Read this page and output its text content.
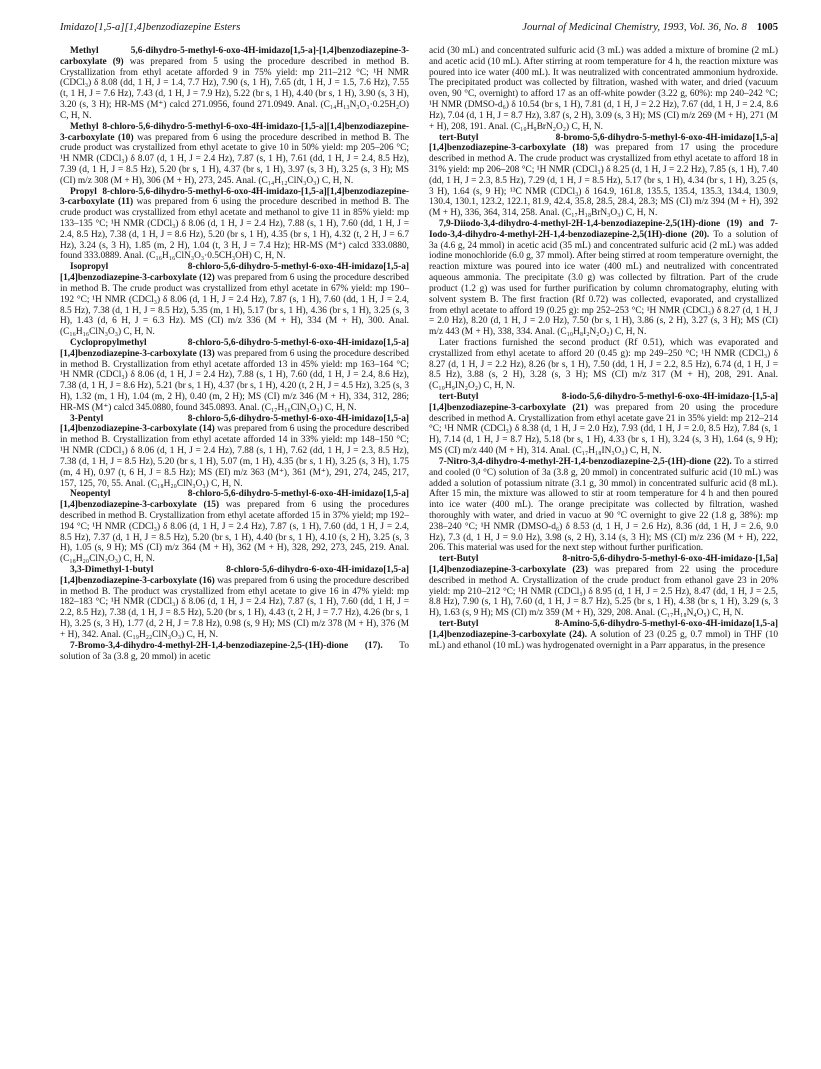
Imidazo[1,5-a][1,4]benzodiazepine Esters	Journal of Medicinal Chemistry, 1993, Vol. 36, No. 8 1005

Methyl 5,6-dihydro-5-methyl-6-oxo-4H-imidazo[1,5-a]-[1,4]benzodiazepine-3-carboxylate (9) was prepared from 5 using the procedure described in method B. Crystallization from ethyl acetate afforded 9 in 75% yield: mp 211–212 °C; ¹H NMR (CDCl₃) δ 8.08 (dd, 1 H, J = 1.4, 7.7 Hz), 7.90 (s, 1 H), 7.65 (dt, 1 H, J = 1.5, 7.6 Hz), 7.55 (t, 1 H, J = 7.6 Hz), 7.43 (d, 1 H, J = 7.9 Hz), 5.22 (br s, 1 H), 4.40 (br s, 1 H), 3.90 (s, 3 H), 3.20 (s, 3 H); HR-MS (M⁺) calcd 271.0956, found 271.0949. Anal. (C₁₄H₁₃N₃O₃·0.25H₂O) C, H, N.

Methyl 8-chloro-5,6-dihydro-5-methyl-6-oxo-4H-imidazo-[1,5-a][1,4]benzodiazepine-3-carboxylate (10) was prepared from 6 using the procedure described in method B. The crude product was crystallized from ethyl acetate to give 10 in 50% yield: mp 205–206 °C; ¹H NMR (CDCl₃) δ 8.07 (d, 1 H, J = 2.4 Hz), 7.87 (s, 1 H), 7.61 (dd, 1 H, J = 2.4, 8.5 Hz), 7.39 (d, 1 H, J = 8.5 Hz), 5.20 (br s, 1 H), 4.37 (br s, 1 H), 3.97 (s, 3 H), 3.25 (s, 3 H); MS (CI) m/z 308 (M + H), 306 (M + H), 273, 245. Anal. (C₁₄H₁₂ClN₃O₃) C, H, N.

Propyl 8-chloro-5,6-dihydro-5-methyl-6-oxo-4H-imidazo-[1,5-a][1,4]benzodiazepine-3-carboxylate (11) was prepared from 6 using the procedure described in method B. The crude product was crystallized from ethyl acetate and methanol to give 11 in 85% yield: mp 133–135 °C; ¹H NMR (CDCl₃) δ 8.06 (d, 1 H, J = 2.4 Hz), 7.88 (s, 1 H), 7.60 (dd, 1 H, J = 2.4, 8.5 Hz), 7.38 (d, 1 H, J = 8.6 Hz), 5.20 (br s, 1 H), 4.35 (br s, 1 H), 4.32 (t, 2 H, J = 6.7 Hz), 3.24 (s, 3 H), 1.85 (m, 2 H), 1.04 (t, 3 H, J = 7.4 Hz); HR-MS (M⁺) calcd 333.0880, found 333.0889. Anal. (C₁₆H₁₆ClN₃O₃·0.5CH₃OH) C, H, N.

Isopropyl 8-chloro-5,6-dihydro-5-methyl-6-oxo-4H-imidazo[1,5-a][1,4]benzodiazepine-3-carboxylate (12) was prepared from 6 using the procedure described in method B. The crude product was crystallized from ethyl acetate in 67% yield: mp 190–192 °C; ¹H NMR (CDCl₃) δ 8.06 (d, 1 H, J = 2.4 Hz), 7.87 (s, 1 H), 7.60 (dd, 1 H, J = 2.4, 8.5 Hz), 7.38 (d, 1 H, J = 8.5 Hz), 5.35 (m, 1 H), 5.17 (br s, 1 H), 4.36 (br s, 1 H), 3.25 (s, 3 H), 1.43 (d, 6 H, J = 6.3 Hz). MS (CI) m/z 336 (M + H), 334 (M + H), 300. Anal. (C₁₆H₁₆ClN₃O₃) C, H, N.

Cyclopropylmethyl 8-chloro-5,6-dihydro-5-methyl-6-oxo-4H-imidazo[1,5-a][1,4]benzodiazepine-3-carboxylate (13) was prepared from 6 using the procedure described in method B. Crystallization from ethyl acetate afforded 13 in 45% yield: mp 163–164 °C; ¹H NMR (CDCl₃) δ 8.06 (d, 1 H, J = 2.4 Hz), 7.88 (s, 1 H), 7.60 (dd, 1 H, J = 2.4, 8.6 Hz), 7.38 (d, 1 H, J = 8.6 Hz), 5.21 (br s, 1 H), 4.37 (br s, 1 H), 4.20 (t, 2 H, J = 4.5 Hz), 3.25 (s, 3 H), 1.32 (m, 1 H), 1.04 (m, 2 H), 0.40 (m, 2 H); MS (CI) m/z 346 (M + H), 334, 312, 286; HR-MS (M⁺) calcd 345.0880, found 345.0893. Anal. (C₁₇H₁₆ClN₃O₃) C, H, N.

3-Pentyl 8-chloro-5,6-dihydro-5-methyl-6-oxo-4H-imidazo[1,5-a][1,4]benzodiazepine-3-carboxylate (14) was prepared from 6 using the procedure described in method B. Crystallization from ethyl acetate afforded 14 in 33% yield: mp 148–150 °C; ¹H NMR (CDCl₃) δ 8.06 (d, 1 H, J = 2.4 Hz), 7.88 (s, 1 H), 7.62 (dd, 1 H, J = 2.3, 8.5 Hz), 7.38 (d, 1 H, J = 8.5 Hz), 5.20 (br s, 1 H), 5.07 (m, 1 H), 4.35 (br s, 1 H), 3.25 (s, 3 H), 1.75 (m, 4 H), 0.97 (t, 6 H, J = 8.5 Hz); MS (EI) m/z 363 (M⁺), 361 (M⁺), 291, 274, 245, 217, 157, 125, 70, 55. Anal. (C₁₈H₂₀ClN₃O₃) C, H, N.

Neopentyl 8-chloro-5,6-dihydro-5-methyl-6-oxo-4H-imidazo[1,5-a][1,4]benzodiazepine-3-carboxylate (15) was prepared from 6 using the procedures described in method B. Crystallization from ethyl acetate afforded 15 in 37% yield; mp 192–194 °C; ¹H NMR (CDCl₃) δ 8.06 (d, 1 H, J = 2.4 Hz), 7.87 (s, 1 H), 7.60 (dd, 1 H, J = 2.4, 8.5 Hz), 7.37 (d, 1 H, J = 8.5 Hz), 5.20 (br s, 1 H), 4.40 (br s, 1 H), 4.10 (s, 2 H), 3.25 (s, 3 H), 1.05 (s, 9 H); MS (CI) m/z 364 (M + H), 362 (M + H), 328, 292, 273, 245, 219. Anal. (C₁₈H₂₀ClN₃O₃) C, H, N.

3,3-Dimethyl-1-butyl 8-chloro-5,6-dihydro-6-oxo-4H-imidazo[1,5-a][1,4]benzodiazepine-3-carboxylate (16) was prepared from 6 using the procedure described in method B. The product was crystallized from ethyl acetate to give 16 in 47% yield: mp 182–183 °C; ¹H NMR (CDCl₃) δ 8.06 (d, 1 H, J = 2.4 Hz), 7.87 (s, 1 H), 7.60 (dd, 1 H, J = 2.2, 8.5 Hz), 7.38 (d, 1 H, J = 8.5 Hz), 5.20 (br s, 1 H), 4.43 (t, 2 H, J = 7.7 Hz), 4.26 (br s, 1 H), 3.25 (s, 3 H), 1.77 (d, 2 H, J = 7.8 Hz), 0.98 (s, 9 H); MS (CI) m/z 378 (M + H), 376 (M + H), 342. Anal. (C₁₉H₂₂ClN₃O₃) C, H, N.

7-Bromo-3,4-dihydro-4-methyl-2H-1,4-benzodiazepine-2,5-(1H)-dione (17). To solution of 3a (3.8 g, 20 mmol) in acetic

acid (30 mL) and concentrated sulfuric acid (3 mL) was added a mixture of bromine (2 mL) and acetic acid (10 mL). After stirring at room temperature for 4 h, the reaction mixture was poured into ice water (400 mL). It was neutralized with concentrated ammonium hydroxide. The precipitated product was collected by filtration, washed with water, and dried (vacuum oven, 90 °C, overnight) to afford 17 as an off-white powder (3.22 g, 60%): mp 240–242 °C; ¹H NMR (DMSO-d₆) δ 10.54 (br s, 1 H), 7.81 (d, 1 H, J = 2.2 Hz), 7.67 (dd, 1 H, J = 2.4, 8.6 Hz), 7.04 (d, 1 H, J = 8.7 Hz), 3.87 (s, 2 H), 3.09 (s, 3 H); MS (CI) m/z 269 (M + H), 271 (M + H), 208, 191. Anal. (C₁₀H₉BrN₂O₂) C, H, N.

tert-Butyl 8-bromo-5,6-dihydro-5-methyl-6-oxo-4H-imidazo[1,5-a][1,4]benzodiazepine-3-carboxylate (18) was prepared from 17 using the procedure described in method A. The crude product was crystallized from ethyl acetate to afford 18 in 31% yield: mp 206–208 °C; ¹H NMR (CDCl₃) δ 8.25 (d, 1 H, J = 2.2 Hz), 7.85 (s, 1 H), 7.40 (dd, 1 H, J = 2.3, 8.5 Hz), 7.29 (d, 1 H, J = 8.5 Hz), 5.17 (br s, 1 H), 4.34 (br s, 1 H), 3.25 (s, 3 H), 1.64 (s, 9 H); ¹³C NMR (CDCl₃) δ 164.9, 161.8, 135.5, 135.4, 135.3, 134.4, 130.9, 130.4, 130.1, 123.2, 122.1, 81.9, 42.4, 35.8, 28.5, 28.4, 28.3; MS (CI) m/z 394 (M + H), 392 (M + H), 336, 364, 314, 258. Anal. (C₁₇H₁₈BrN₃O₃) C, H, N.

7,9-Diiodo-3,4-dihydro-4-methyl-2H-1,4-benzodiazepine-2,5(1H)-dione (19) and 7-Iodo-3,4-dihydro-4-methyl-2H-1,4-benzodiazepine-2,5(1H)-dione (20). To a solution of 3a (4.6 g, 24 mmol) in acetic acid (35 mL) and concentrated sulfuric acid (2 mL) was added iodine monochloride (6.0 g, 37 mmol). After being stirred at room temperature overnight, the reaction mixture was poured into ice water (400 mL) and neutralized with concentrated aqueous ammonia. The precipitate (3.0 g) was collected by filtration. Part of the crude product (1.2 g) was used for further purification by column chromatography, eluting with solvent system B. The first fraction (Rf 0.72) was collected, evaporated, and crystallized from ethyl acetate to afford 19 (0.25 g): mp 252–253 °C; ¹H NMR (CDCl₃) δ 8.27 (d, 1 H, J = 2.0 Hz), 8.20 (d, 1 H, J = 2.0 Hz), 7.50 (br s, 1 H), 3.86 (s, 2 H), 3.27 (s, 3 H); MS (CI) m/z 443 (M + H), 338, 334. Anal. (C₁₀H₈I₂N₂O₂) C, H, N.

Later fractions furnished the second product (Rf 0.51), which was evaporated and crystallized from ethyl acetate to afford 20 (0.45 g): mp 249–250 °C; ¹H NMR (CDCl₃) δ 8.27 (d, 1 H, J = 2.2 Hz), 8.26 (br s, 1 H), 7.50 (dd, 1 H, J = 2.2, 8.5 Hz), 6.74 (d, 1 H, J = 8.5 Hz), 3.88 (s, 2 H), 3.28 (s, 3 H); MS (CI) m/z 317 (M + H), 208, 291. Anal. (C₁₀H₉IN₂O₂) C, H, N.

tert-Butyl 8-iodo-5,6-dihydro-5-methyl-6-oxo-4H-imidazo-[1,5-a][1,4]benzodiazepine-3-carboxylate (21) was prepared from 20 using the procedure described in method A. Crystallization from ethyl acetate gave 21 in 35% yield: mp 212–214 °C; ¹H NMR (CDCl₃) δ 8.38 (d, 1 H, J = 2.0 Hz), 7.93 (dd, 1 H, J = 2.0, 8.5 Hz), 7.84 (s, 1 H), 7.14 (d, 1 H, J = 8.7 Hz), 5.18 (br s, 1 H), 4.33 (br s, 1 H), 3.24 (s, 3 H), 1.64 (s, 9 H); MS (CI) m/z 440 (M + H), 314. Anal. (C₁₇H₁₈IN₃O₃) C, H, N.

7-Nitro-3,4-dihydro-4-methyl-2H-1,4-benzodiazepine-2,5-(1H)-dione (22). To a stirred and cooled (0 °C) solution of 3a (3.8 g, 20 mmol) in concentrated sulfuric acid (10 mL) was added a solution of potassium nitrate (3.1 g, 30 mmol) in concentrated sulfuric acid (8 mL). After 15 min, the mixture was allowed to stir at room temperature for 4 h and then poured into ice water (400 mL). The orange precipitate was collected by filtration, washed thoroughly with water, and dried in vacuo at 90 °C overnight to give 22 (1.8 g, 38%): mp 238–240 °C; ¹H NMR (DMSO-d₆) δ 8.53 (d, 1 H, J = 2.6 Hz), 8.36 (dd, 1 H, J = 2.6, 9.0 Hz), 7.3 (d, 1 H, J = 9.0 Hz), 3.98 (s, 2 H), 3.14 (s, 3 H); MS (CI) m/z 236 (M + H), 222, 206. This material was used for the next step without further purification.

tert-Butyl 8-nitro-5,6-dihydro-5-methyl-6-oxo-4H-imidazo-[1,5a][1,4]benzodiazepine-3-carboxylate (23) was prepared from 22 using the procedure described in method A. Crystallization of the crude product from ethanol gave 23 in 20% yield: mp 210–212 °C; ¹H NMR (CDCl₃) δ 8.95 (d, 1 H, J = 2.5 Hz), 8.47 (dd, 1 H, J = 2.5, 8.8 Hz), 7.90 (s, 1 H), 7.60 (d, 1 H, J = 8.7 Hz), 5.25 (br s, 1 H), 4.38 (br s, 1 H), 3.29 (s, 3 H), 1.63 (s, 9 H); MS (CI) m/z 359 (M + H), 329, 208. Anal. (C₁₇H₁₈N₄O₅) C, H, N.

tert-Butyl 8-Amino-5,6-dihydro-5-methyl-6-oxo-4H-imidazo[1,5-a][1,4]benzodiazepine-3-carboxylate (24). A solution of 23 (0.25 g, 0.7 mmol) in THF (10 mL) and ethanol (10 mL) was hydrogenated overnight in a Parr apparatus, in the presence
